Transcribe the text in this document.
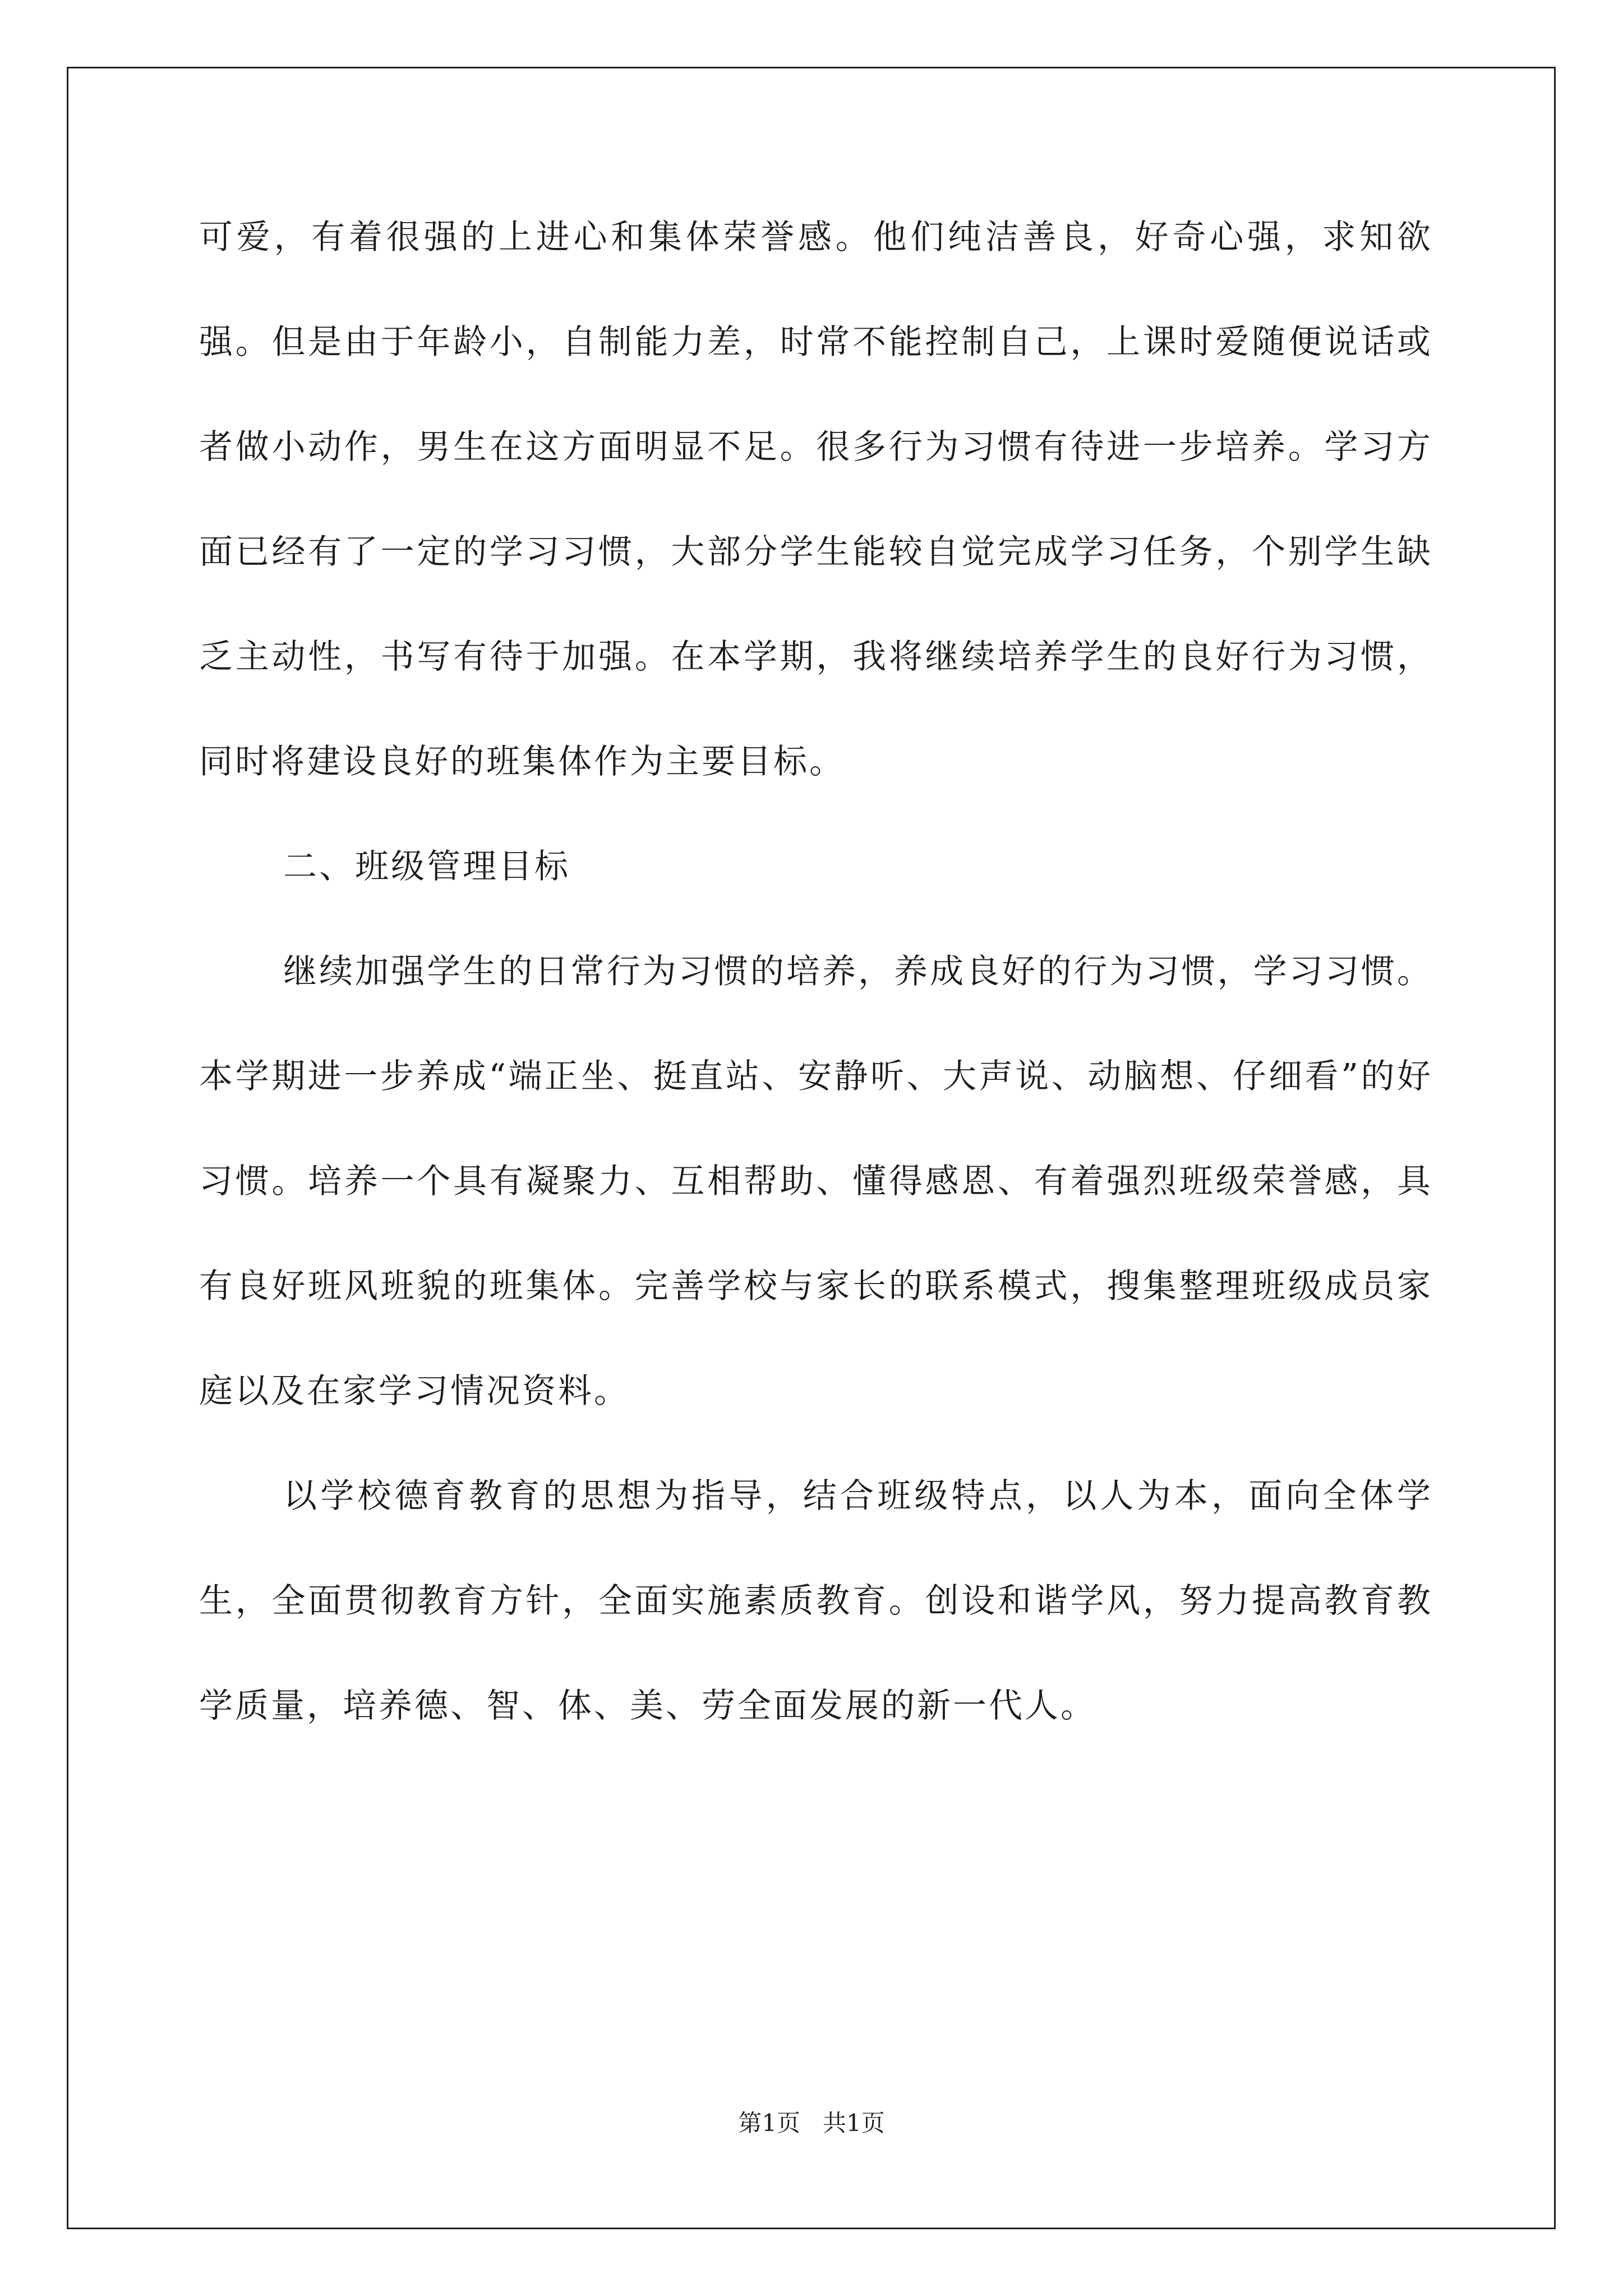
可爱，有着很强的上进心和集体荣誉感。他们纯洁善良，好奇心强，求知欲强。但是由于年龄小，自制能力差，时常不能控制自己，上课时爱随便说话或者做小动作，男生在这方面明显不足。很多行为习惯有待进一步培养。学习方面已经有了一定的学习习惯，大部分学生能较自觉完成学习任务，个别学生缺乏主动性，书写有待于加强。在本学期，我将继续培养学生的良好行为习惯，同时将建设良好的班集体作为主要目标。

二、班级管理目标

继续加强学生的日常行为习惯的培养，养成良好的行为习惯，学习习惯。本学期进一步养成“端正坐、挺直站、安静听、大声说、动脑想、仔细看”的好习惯。培养一个具有凝聚力、互相帮助、懂得感恩、有着强烈班级荣誉感，具有良好班风班貌的班集体。完善学校与家长的联系模式，搜集整理班级成员家庭以及在家学习情况资料。

以学校德育教育的思想为指导，结合班级特点，以人为本，面向全体学生，全面贯彻教育方针，全面实施素质教育。创设和谐学风，努力提高教育教学质量，培养德、智、体、美、劳全面发展的新一代人。

第1页 共1页
